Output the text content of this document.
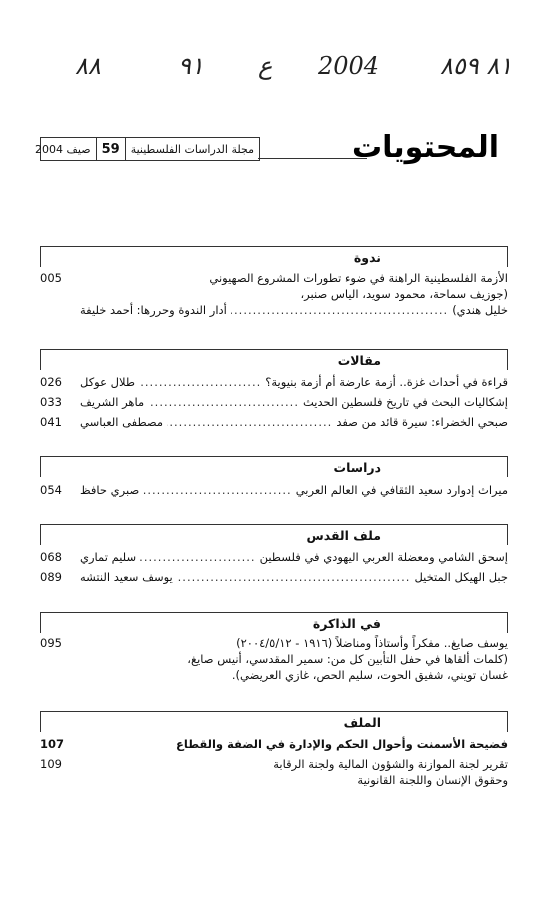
٨١ ٨٥٩
2004
ع
٩١
٨٨
المحتويات
مجلة الدراسات الفلسطينية
59
صيف 2004
ندوة
مقالات
دراسات
ملف القدس
في الذاكرة
الملف
005	الأزمة الفلسطينية الراهنة في ضوء تطورات المشروع الصهيوني
(جوزيف سماحة، محمود سويد، الياس صنبر،
خليل هندي)
.....
أدار الندوة وحررها: أحمد خليفة
026	قراءة في أحداث غزة.. أزمة عارضة أم أزمة بنيوية؟
.....
طلال عوكل
033	إشكاليات البحث في تاريخ فلسطين الحديث
.....
ماهر الشريف
041	صبحي الخضراء: سيرة قائد من صفد
.....
مصطفى العباسي
054	ميراث إدوارد سعيد الثقافي في العالم العربي
.....
صبري حافظ
068	إسحق الشامي ومعضلة العربي اليهودي في فلسطين
.....
سليم تماري
089	جبل الهيكل المتخيل
.....
يوسف سعيد النتشه
095	يوسف صايغ.. مفكراً وأستاذاً ومناضلاً (١٩١٦ - ٢٠٠٤/٥/١٢)
(كلمات ألقاها في حفل التأبين كل من: سمير المقدسي، أنيس صايغ،
غسان تويني، شفيق الحوت، سليم الحص، غازي العريضي).
107	فضيحة الأسمنت وأحوال الحكم والإدارة في الضفة والقطاع
109	تقرير لجنة الموازنة والشؤون المالية ولجنة الرقابة
وحقوق الإنسان واللجنة القانونية
